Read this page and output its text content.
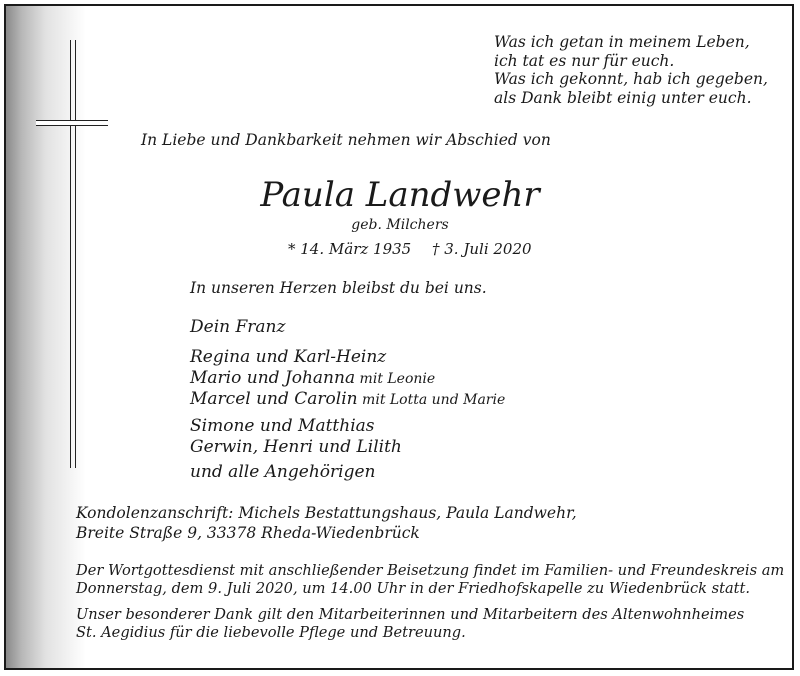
Was ich getan in meinem Leben,
ich tat es nur für euch.
Was ich gekonnt, hab ich gegeben,
als Dank bleibt einig unter euch.
In Liebe und Dankbarkeit nehmen wir Abschied von
Paula Landwehr
geb. Milchers
* 14. März 1935 † 3. Juli 2020
In unseren Herzen bleibst du bei uns.
Dein Franz
Regina und Karl-Heinz
Mario und Johanna mit Leonie
Marcel und Carolin mit Lotta und Marie
Simone und Matthias
Gerwin, Henri und Lilith
und alle Angehörigen
Kondolenzanschrift: Michels Bestattungshaus, Paula Landwehr,
Breite Straße 9, 33378 Rheda-Wiedenbrück
Der Wortgottesdienst mit anschließender Beisetzung findet im Familien- und Freundeskreis am
Donnerstag, dem 9. Juli 2020, um 14.00 Uhr in der Friedhofskapelle zu Wiedenbrück statt.
Unser besonderer Dank gilt den Mitarbeiterinnen und Mitarbeitern des Altenwohnheimes
St. Aegidius für die liebevolle Pflege und Betreuung.
